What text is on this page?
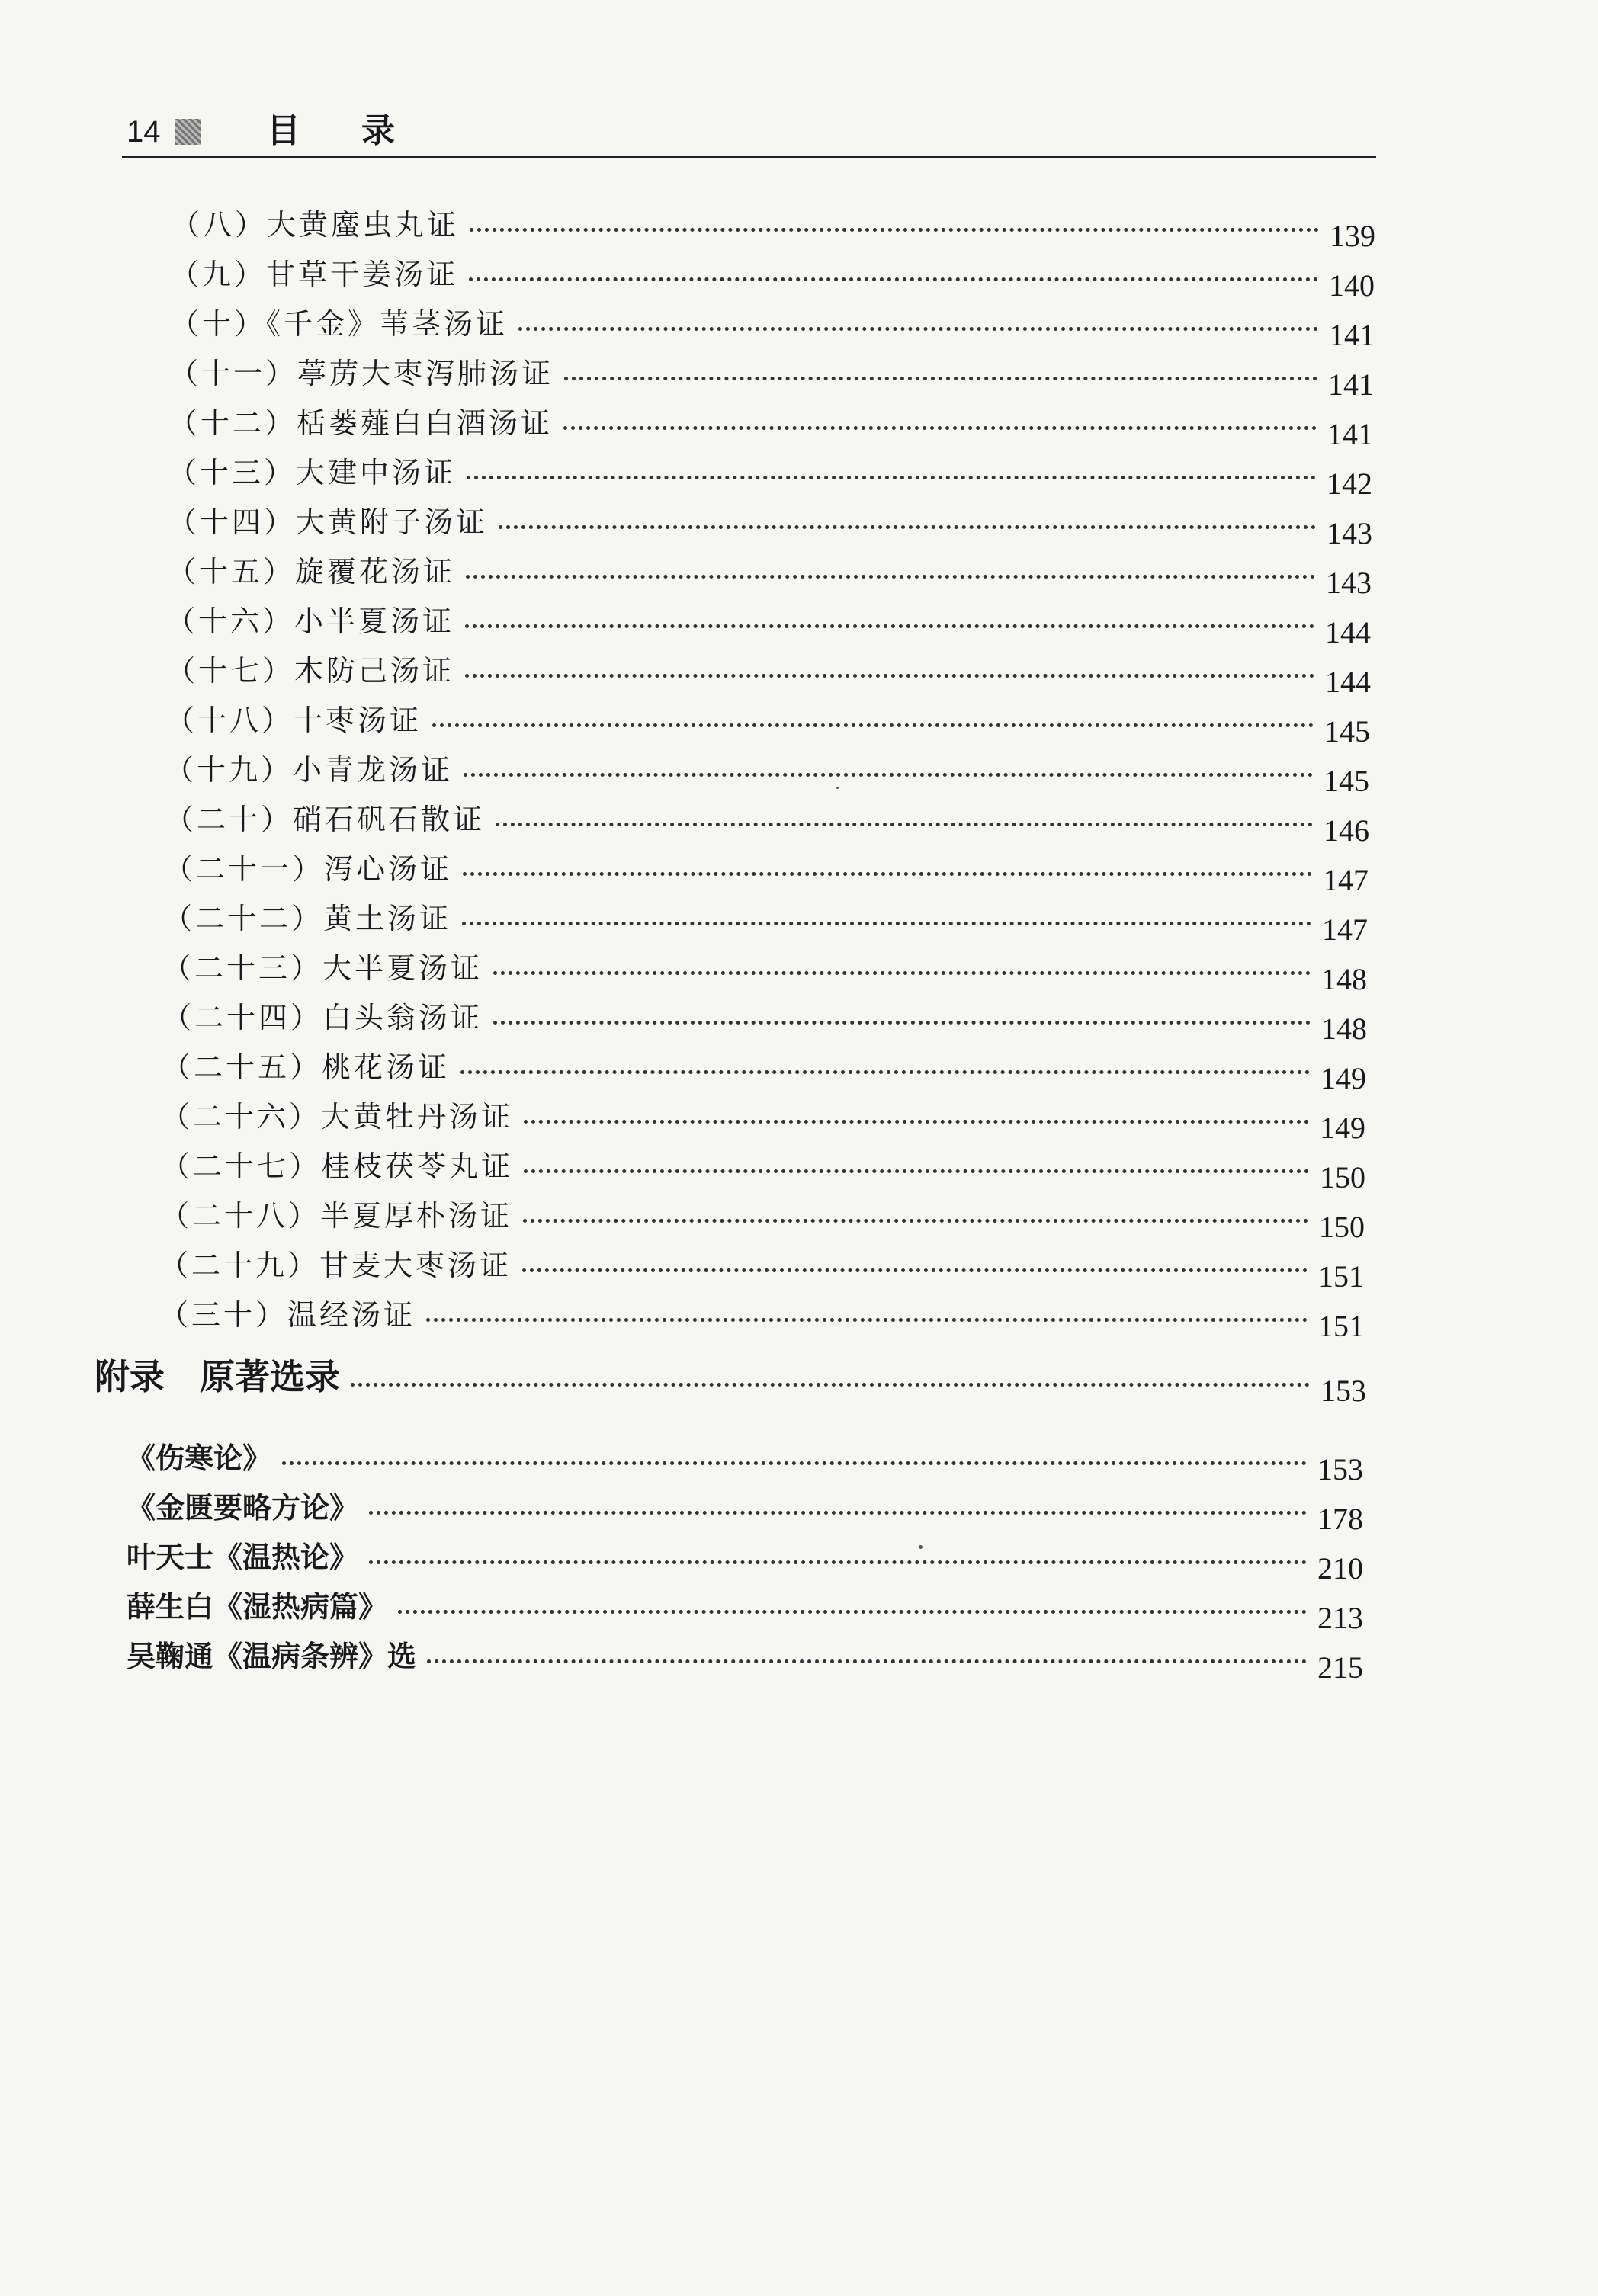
14	目录
（八）大黄䗪虫丸证	139
（九）甘草干姜汤证	140
（十）《千金》苇茎汤证	141
（十一）葶苈大枣泻肺汤证	141
（十二）栝蒌薤白白酒汤证	141
（十三）大建中汤证	142
（十四）大黄附子汤证	143
（十五）旋覆花汤证	143
（十六）小半夏汤证	144
（十七）木防己汤证	144
（十八）十枣汤证	145
（十九）小青龙汤证	145
（二十）硝石矾石散证	146
（二十一）泻心汤证	147
（二十二）黄土汤证	147
（二十三）大半夏汤证	148
（二十四）白头翁汤证	148
（二十五）桃花汤证	149
（二十六）大黄牡丹汤证	149
（二十七）桂枝茯苓丸证	150
（二十八）半夏厚朴汤证	150
（二十九）甘麦大枣汤证	151
（三十）温经汤证	151
附录　原著选录	153
《伤寒论》	153
《金匮要略方论》	178
叶天士《温热论》	210
薛生白《湿热病篇》	213
吴鞠通《温病条辨》选	215
